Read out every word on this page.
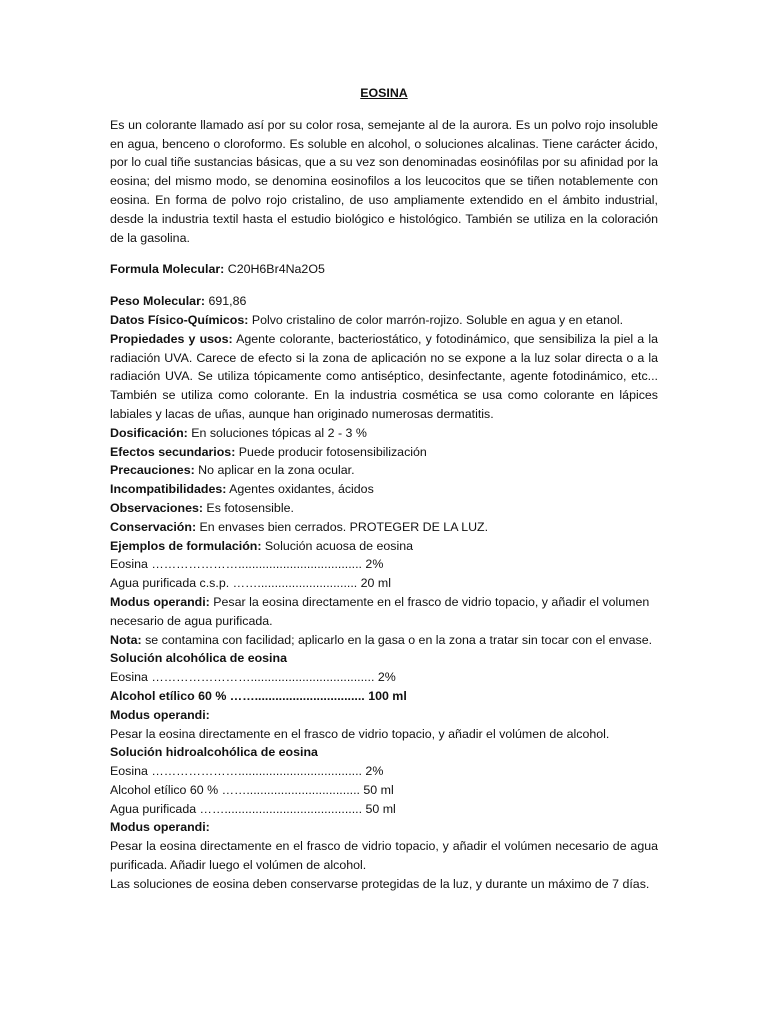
EOSINA

Es un colorante llamado así por su color rosa, semejante al de la aurora. Es un polvo rojo insoluble en agua, benceno o cloroformo. Es soluble en alcohol, o soluciones alcalinas. Tiene carácter ácido, por lo cual tiñe sustancias básicas, que a su vez son denominadas eosinófilas por su afinidad por la eosina; del mismo modo, se denomina eosinofilos a los leucocitos que se tiñen notablemente con eosina. En forma de polvo rojo cristalino, de uso ampliamente extendido en el ámbito industrial, desde la industria textil hasta el estudio biológico e histológico. También se utiliza en la coloración de la gasolina.

Formula Molecular: C20H6Br4Na2O5

Peso Molecular: 691,86

Datos Físico-Químicos: Polvo cristalino de color marrón-rojizo. Soluble en agua y en etanol.

Propiedades y usos: Agente colorante, bacteriostático, y fotodinámico, que sensibiliza la piel a la radiación UVA. Carece de efecto si la zona de aplicación no se expone a la luz solar directa o a la radiación UVA. Se utiliza tópicamente como antiséptico, desinfectante, agente fotodinámico, etc... También se utiliza como colorante. En la industria cosmética se usa como colorante en lápices labiales y lacas de uñas, aunque han originado numerosas dermatitis.

Dosificación: En soluciones tópicas al 2 - 3 %

Efectos secundarios: Puede producir fotosensibilización

Precauciones: No aplicar en la zona ocular.

Incompatibilidades: Agentes oxidantes, ácidos

Observaciones: Es fotosensible.

Conservación: En envases bien cerrados. PROTEGER DE LA LUZ.

Ejemplos de formulación: Solución acuosa de eosina

Eosina ………………….................................... 2%

Agua purificada c.s.p. ……............................. 20 ml

Modus operandi: Pesar la eosina directamente en el frasco de vidrio topacio, y añadir el volumen necesario de agua purificada.

Nota: se contamina con facilidad; aplicarlo en la gasa o en la zona a tratar sin tocar con el envase.

Solución alcohólica de eosina

Eosina …………………….................................... 2%

Alcohol etílico 60 % ……................................ 100 ml

Modus operandi:

Pesar la eosina directamente en el frasco de vidrio topacio, y añadir el volúmen de alcohol.

Solución hidroalcohólica de eosina

Eosina ………………….................................... 2%

Alcohol etílico 60 % ……................................. 50 ml

Agua purificada ……........................................ 50 ml

Modus operandi:

Pesar la eosina directamente en el frasco de vidrio topacio, y añadir el volúmen necesario de agua purificada. Añadir luego el volúmen de alcohol.

Las soluciones de eosina deben conservarse protegidas de la luz, y durante un máximo de 7 días.
